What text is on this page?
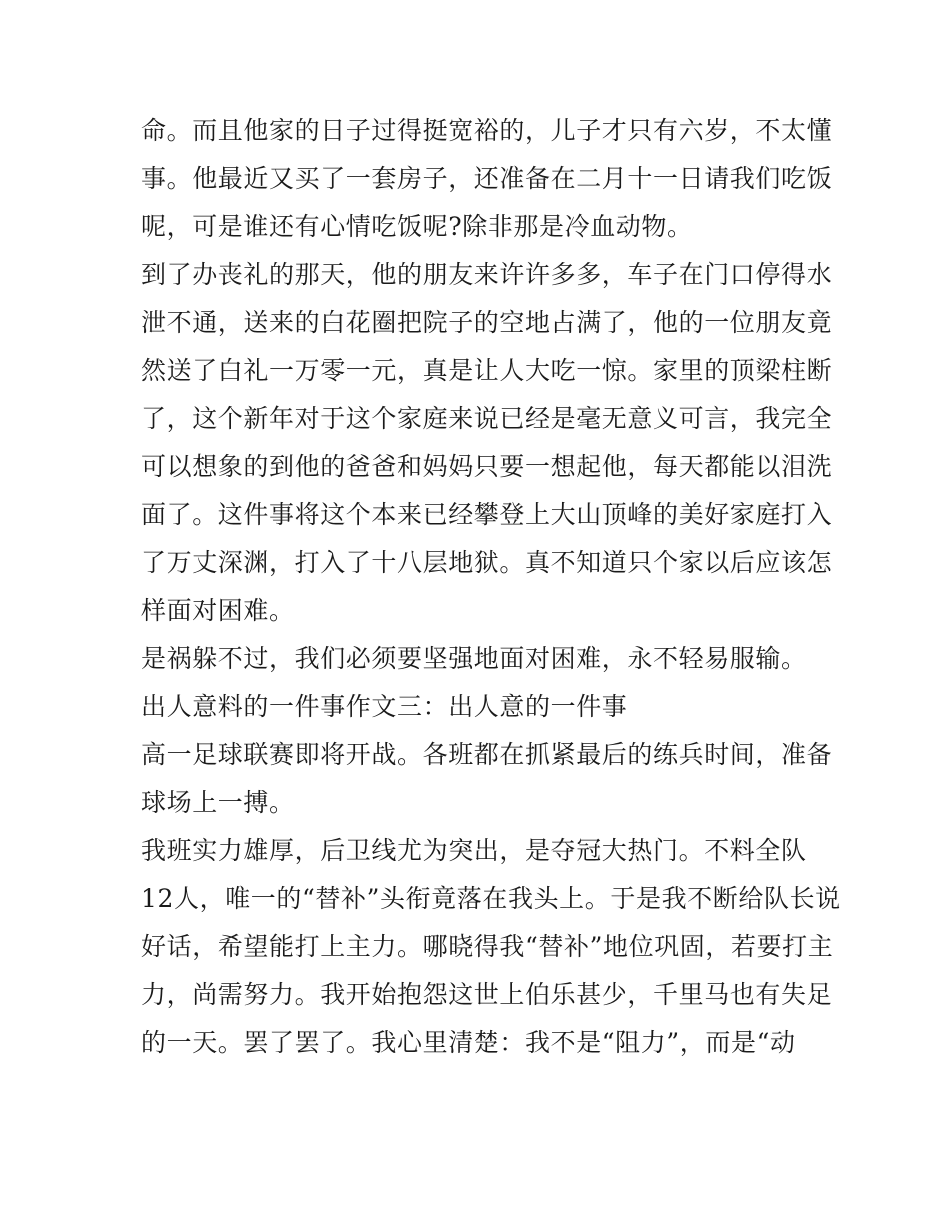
命。而且他家的日子过得挺宽裕的，儿子才只有六岁，不太懂

事。他最近又买了一套房子，还准备在二月十一日请我们吃饭

呢，可是谁还有心情吃饭呢?除非那是冷血动物。

到了办丧礼的那天，他的朋友来许许多多，车子在门口停得水

泄不通，送来的白花圈把院子的空地占满了，他的一位朋友竟

然送了白礼一万零一元，真是让人大吃一惊。家里的顶梁柱断

了，这个新年对于这个家庭来说已经是毫无意义可言，我完全

可以想象的到他的爸爸和妈妈只要一想起他，每天都能以泪洗

面了。这件事将这个本来已经攀登上大山顶峰的美好家庭打入

了万丈深渊，打入了十八层地狱。真不知道只个家以后应该怎

样面对困难。

是祸躲不过，我们必须要坚强地面对困难，永不轻易服输。

出人意料的一件事作文三：出人意的一件事

高一足球联赛即将开战。各班都在抓紧最后的练兵时间，准备

球场上一搏。

我班实力雄厚，后卫线尤为突出，是夺冠大热门。不料全队

12人，唯一的“替补”头衔竟落在我头上。于是我不断给队长说

好话，希望能打上主力。哪晓得我“替补”地位巩固，若要打主

力，尚需努力。我开始抱怨这世上伯乐甚少，千里马也有失足

的一天。罢了罢了。我心里清楚：我不是“阻力”，而是“动
